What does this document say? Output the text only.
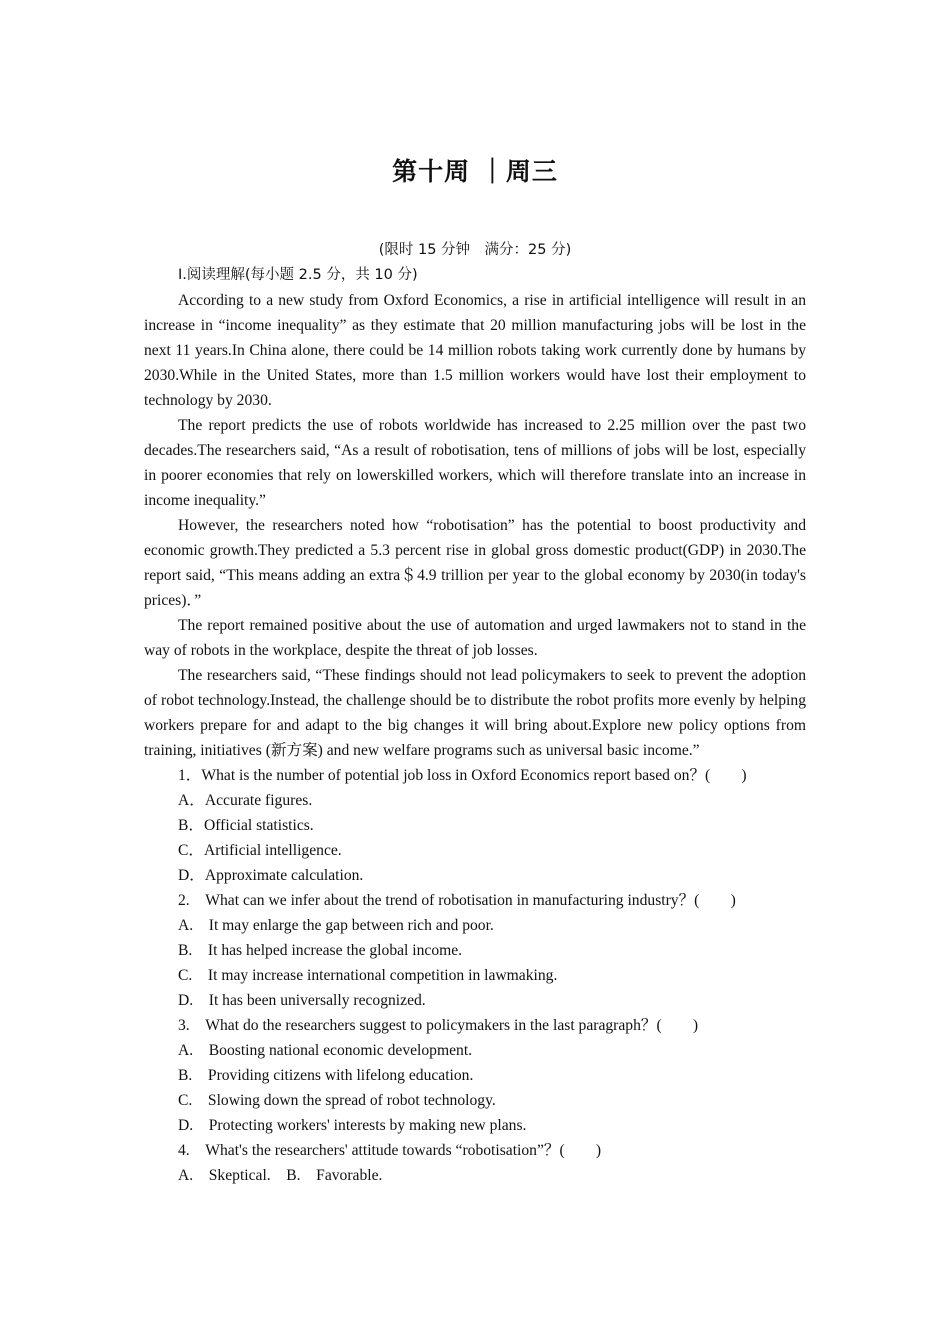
第十周 ｜周三

(限时 15 分钟　满分：25 分)

Ⅰ.阅读理解(每小题 2.5 分，共 10 分)

According to a new study from Oxford Economics, a rise in artificial intelligence will result in an increase in “income inequality” as they estimate that 20 million manufacturing jobs will be lost in the next 11 years.In China alone, there could be 14 million robots taking work currently done by humans by 2030.While in the United States, more than 1.5 million workers would have lost their employment to technology by 2030.

The report predicts the use of robots worldwide has increased to 2.25 million over the past two decades.The researchers said, “As a result of robotisation, tens of millions of jobs will be lost, especially in poorer economies that rely on lowerskilled workers, which will therefore translate into an increase in income inequality.”

However, the researchers noted how “robotisation” has the potential to boost productivity and economic growth.They predicted a 5.3 percent rise in global gross domestic product(GDP) in 2030.The report said, “This means adding an extra＄4.9 trillion per year to the global economy by 2030(in today's prices)．”

The report remained positive about the use of automation and urged lawmakers not to stand in the way of robots in the workplace, despite the threat of job losses.

The researchers said, “These findings should not lead policymakers to seek to prevent the adoption of robot technology.Instead, the challenge should be to distribute the robot profits more evenly by helping workers prepare for and adapt to the big changes it will bring about.Explore new policy options from training, initiatives (新方案) and new welfare programs such as universal basic income.”

1．What is the number of potential job loss in Oxford Economics report based on？(　　)

A．Accurate figures.

B．Official statistics.

C．Artificial intelligence.

D．Approximate calculation.

2.　What can we infer about the trend of robotisation in manufacturing industry？(　　)

A.　It may enlarge the gap between rich and poor.

B.　It has helped increase the global income.

C.　It may increase international competition in lawmaking.

D.　It has been universally recognized.

3.　What do the researchers suggest to policymakers in the last paragraph？(　　)

A.　Boosting national economic development.

B.　Providing citizens with lifelong education.

C.　Slowing down the spread of robot technology.

D.　Protecting workers' interests by making new plans.

4.　What's the researchers' attitude towards “robotisation”？(　　)

A.　Skeptical.　B.　Favorable.
